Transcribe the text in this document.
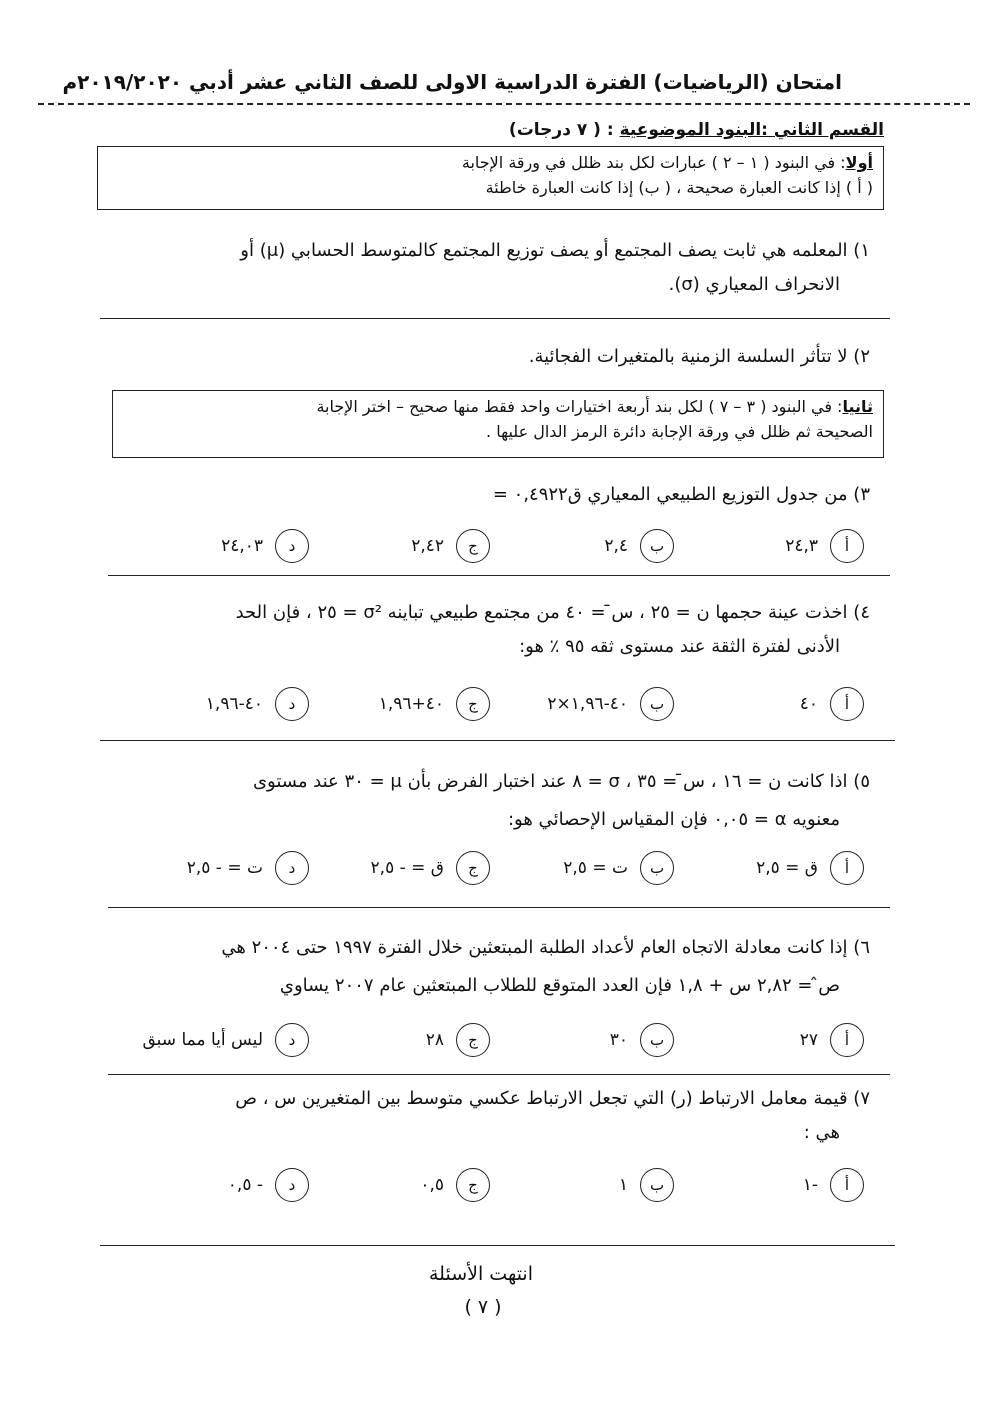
امتحان (الرياضيات) الفترة الدراسية الاولى للصف الثاني عشر أدبي ٢٠١٩/٢٠٢٠م
القسم الثاني :البنود الموضوعية : ( ٧ درجات)
أولا: في البنود ( ١ – ٢ ) عبارات لكل بند ظلل في ورقة الإجابة
( أ ) إذا كانت العبارة صحيحة ، ( ب) إذا كانت العبارة خاطئة
١) المعلمه هي ثابت يصف المجتمع أو يصف توزيع المجتمع كالمتوسط الحسابي (μ) أو
الانحراف المعياري (σ).
٢) لا تتأثر السلسة الزمنية بالمتغيرات الفجائية.
ثانيا: في البنود ( ٣ – ٧ ) لكل بند أربعة اختيارات واحد فقط منها صحيح – اختر الإجابة
الصحيحة ثم ظلل في ورقة الإجابة دائرة الرمز الدال عليها .
٣) من جدول التوزيع الطبيعي المعياري ق٠,٤٩٢٢ =
أ
٢٤,٣
ب
٢,٤
ج
٢,٤٢
د
٢٤,٠٣
٤) اخذت عينة حجمها ن = ٢٥ ، س̄ = ٤٠ من مجتمع طبيعي تباينه σ² = ٢٥ ، فإن الحد
الأدنى لفترة الثقة عند مستوى ثقه ٩٥ ٪ هو:
أ
٤٠
ب
٤٠-١,٩٦×٢
ج
٤٠+١,٩٦
د
٤٠-١,٩٦
٥) اذا كانت ن = ١٦ ، س̄ = ٣٥ ، σ = ٨ عند اختبار الفرض بأن μ = ٣٠ عند مستوى
معنويه α = ٠,٠٥ فإن المقياس الإحصائي هو:
أ
ق = ٢,٥
ب
ت = ٢,٥
ج
ق = - ٢,٥
د
ت = - ٢,٥
٦) إذا كانت معادلة الاتجاه العام لأعداد الطلبة المبتعثين خلال الفترة ١٩٩٧ حتى ٢٠٠٤ هي
ص̂ = ٢,٨٢ س + ١,٨ فإن العدد المتوقع للطلاب المبتعثين عام ٢٠٠٧ يساوي
أ
٢٧
ب
٣٠
ج
٢٨
د
ليس أيا مما سبق
٧) قيمة معامل الارتباط (ر) التي تجعل الارتباط عكسي متوسط بين المتغيرين س ، ص
هي :
أ
-١
ب
١
ج
٠,٥
د
- ٠,٥
انتهت الأسئلة
( ٧ )
